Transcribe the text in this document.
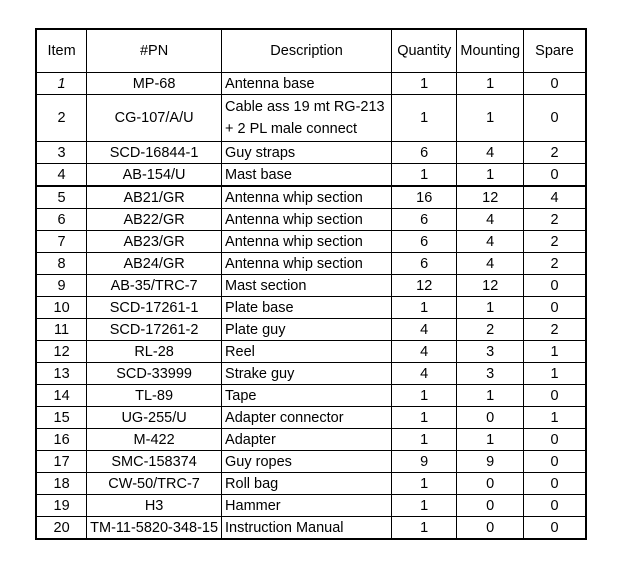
Item	#PN	Description	Quantity	Mounting	Spare
1	MP-68	Antenna base	1	1	0
2	CG-107/A/U	Cable ass 19 mt RG-213 + 2 PL male connect	1	1	0
3	SCD-16844-1	Guy straps	6	4	2
4	AB-154/U	Mast base	1	1	0
5	AB21/GR	Antenna whip section	16	12	4
6	AB22/GR	Antenna whip section	6	4	2
7	AB23/GR	Antenna whip section	6	4	2
8	AB24/GR	Antenna whip section	6	4	2
9	AB-35/TRC-7	Mast section	12	12	0
10	SCD-17261-1	Plate base	1	1	0
11	SCD-17261-2	Plate guy	4	2	2
12	RL-28	Reel	4	3	1
13	SCD-33999	Strake guy	4	3	1
14	TL-89	Tape	1	1	0
15	UG-255/U	Adapter connector	1	0	1
16	M-422	Adapter	1	1	0
17	SMC-158374	Guy ropes	9	9	0
18	CW-50/TRC-7	Roll bag	1	0	0
19	H3	Hammer	1	0	0
20	TM-11-5820-348-15	Instruction Manual	1	0	0
